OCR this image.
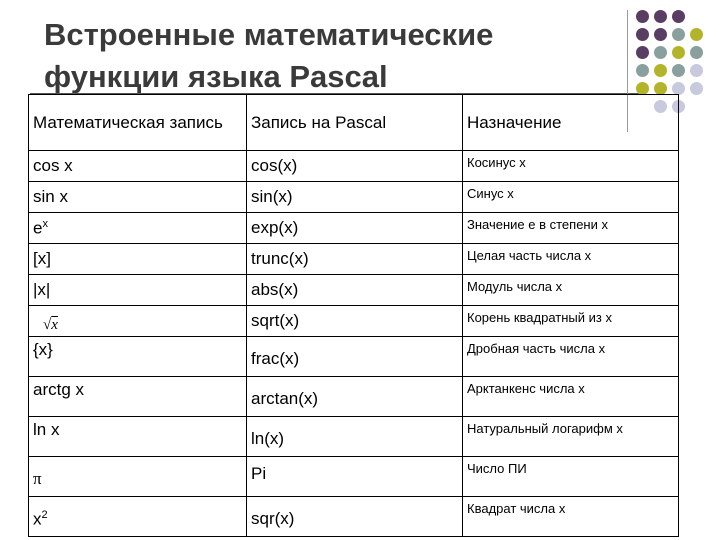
Встроенные математические функции языка Pascal
Математическая запись	Запись на Pascal	Назначение
cos x	cos(x)	Косинус x
sin x	sin(x)	Синус x
$e^x$	exp(x)	Значение е в степени x
[x]	trunc(x)	Целая часть числа x
|x|	abs(x)	Модуль числа x
√x	sqrt(x)	Корень квадратный из x
{x}	frac(x)	Дробная часть числа x
arctg x	arctan(x)	Арктанкенс числа x
ln x	ln(x)	Натуральный логарифм x
π	Pi	Число ПИ
$x^2$	sqr(x)	Квадрат числа x
